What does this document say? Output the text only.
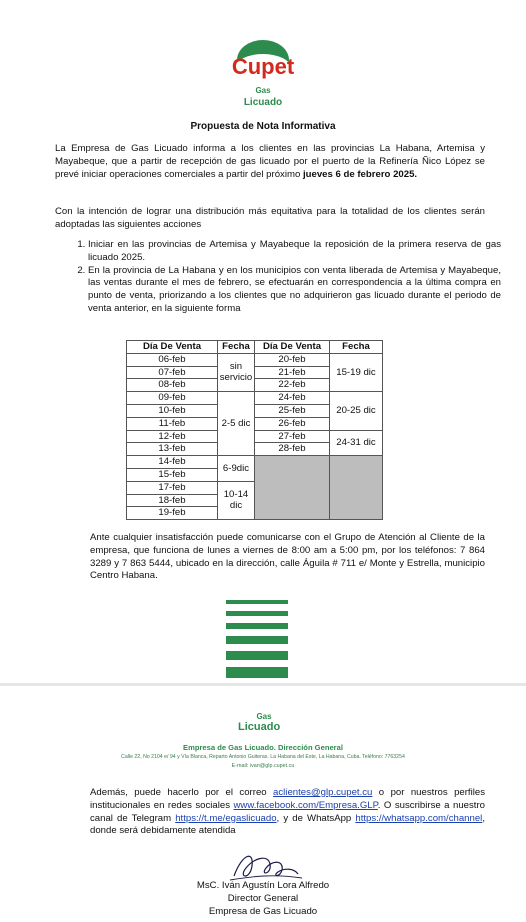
Cupet
Gas
Licuado
Propuesta de Nota Informativa
La Empresa de Gas Licuado informa a los clientes en las provincias La Habana, Artemisa y Mayabeque, que a partir de recepción de gas licuado por el puerto de la Refinería Ñico López se prevé iniciar operaciones comerciales a partir del próximo jueves 6 de febrero 2025.
Con la intención de lograr una distribución más equitativa para la totalidad de los clientes serán adoptadas las siguientes acciones
1. Iniciar en las provincias de Artemisa y Mayabeque la reposición de la primera reserva de gas licuado 2025.
2. En la provincia de La Habana y en los municipios con venta liberada de Artemisa y Mayabeque, las ventas durante el mes de febrero, se efectuarán en correspondencia a la última compra en punto de venta, priorizando a los clientes que no adquirieron gas licuado durante el periodo de venta anterior, en la siguiente forma
Día De Venta	Fecha	Día De Venta	Fecha
06-feb	sin servicio	20-feb	15-19 dic
07-feb		21-feb	
08-feb		22-feb	
09-feb	2-5 dic	24-feb	20-25 dic
10-feb		25-feb	
11-feb		26-feb	
12-feb		27-feb	24-31 dic
13-feb		28-feb	
14-feb	6-9dic		
15-feb			
17-feb	10-14 dic		
18-feb			
19-feb			
Ante cualquier insatisfacción puede comunicarse con el Grupo de Atención al Cliente de la empresa, que funciona de lunes a viernes de 8:00 am a 5:00 pm, por los teléfonos: 7 864 3289 y 7 863 5444, ubicado en la dirección, calle Águila # 711 e/ Monte y Estrella, municipio Centro Habana.
Gas
Licuado
Empresa de Gas Licuado. Dirección General
Calle 22, No 2104 e/ 94 y Vía Blanca, Reparto Antonio Guiteras. La Habana del Este, La Habana, Cuba. Teléfono: 7763254
E-mail: ivan@glp.cupet.cu
Además, puede hacerlo por el correo aclientes@glp.cupet.cu o por nuestros perfiles institucionales en redes sociales www.facebook.com/Empresa.GLP. O suscribirse a nuestro canal de Telegram https://t.me/egaslicuado, y de WhatsApp https://whatsapp.com/channel, donde será debidamente atendida
MsC. Iván Agustín Lora Alfredo
Director General
Empresa de Gas Licuado
